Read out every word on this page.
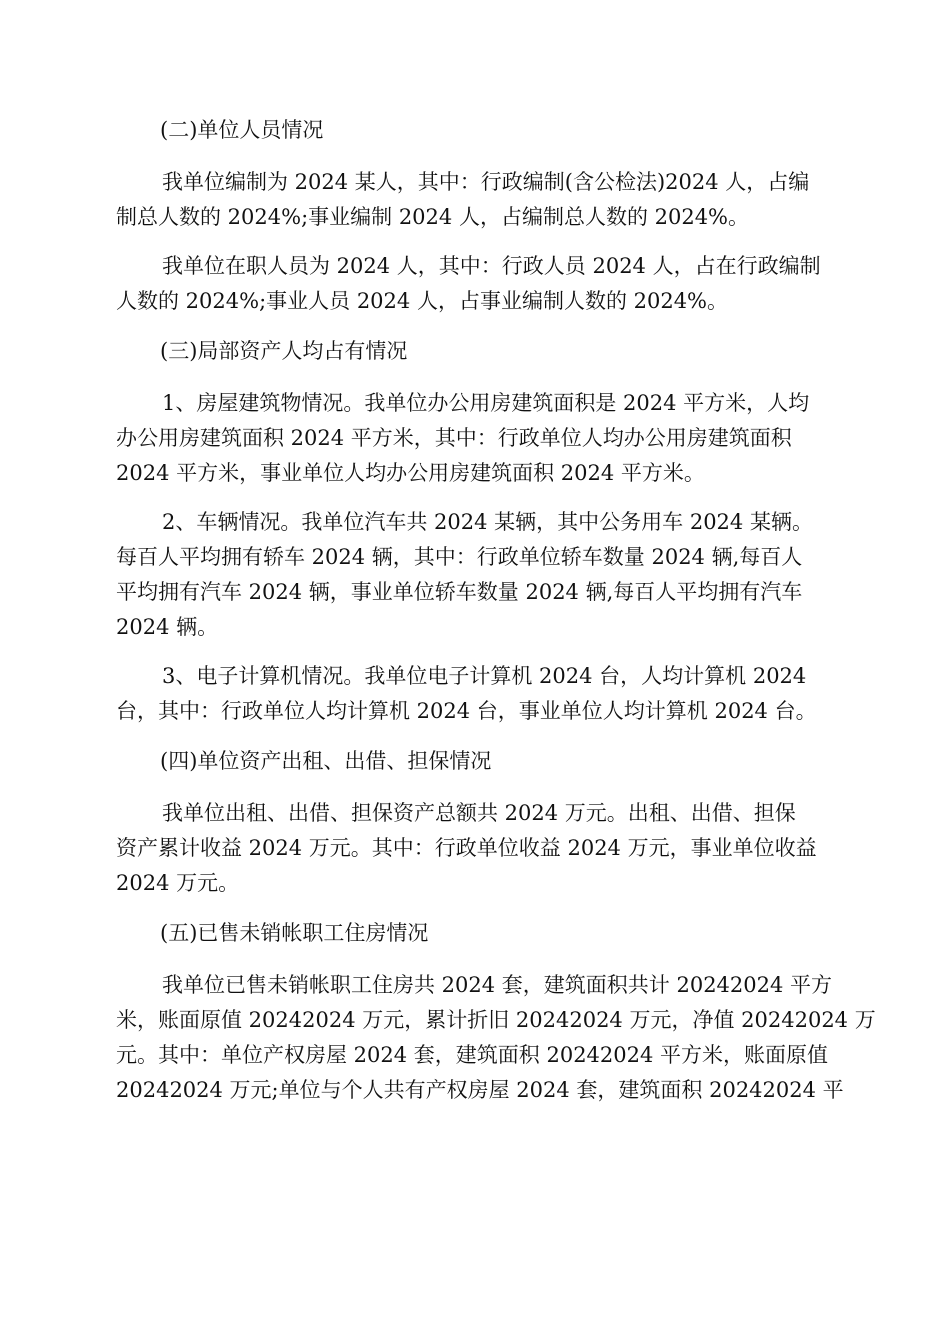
(二)单位人员情况
我单位编制为 2024 某人，其中：行政编制(含公检法)2024 人，占编
制总人数的 2024%;事业编制 2024 人，占编制总人数的 2024%。
我单位在职人员为 2024 人，其中：行政人员 2024 人，占在行政编制
人数的 2024%;事业人员 2024 人，占事业编制人数的 2024%。
(三)局部资产人均占有情况
1、房屋建筑物情况。我单位办公用房建筑面积是 2024 平方米，人均
办公用房建筑面积 2024 平方米，其中：行政单位人均办公用房建筑面积
2024 平方米，事业单位人均办公用房建筑面积 2024 平方米。
2、车辆情况。我单位汽车共 2024 某辆，其中公务用车 2024 某辆。
每百人平均拥有轿车 2024 辆，其中：行政单位轿车数量 2024 辆,每百人
平均拥有汽车 2024 辆，事业单位轿车数量 2024 辆,每百人平均拥有汽车
2024 辆。
3、电子计算机情况。我单位电子计算机 2024 台，人均计算机 2024
台，其中：行政单位人均计算机 2024 台，事业单位人均计算机 2024 台。
(四)单位资产出租、出借、担保情况
我单位出租、出借、担保资产总额共 2024 万元。出租、出借、担保
资产累计收益 2024 万元。其中：行政单位收益 2024 万元，事业单位收益
2024 万元。
(五)已售未销帐职工住房情况
我单位已售未销帐职工住房共 2024 套，建筑面积共计 20242024 平方
米，账面原值 20242024 万元，累计折旧 20242024 万元，净值 20242024 万
元。其中：单位产权房屋 2024 套，建筑面积 20242024 平方米，账面原值
20242024 万元;单位与个人共有产权房屋 2024 套，建筑面积 20242024 平
